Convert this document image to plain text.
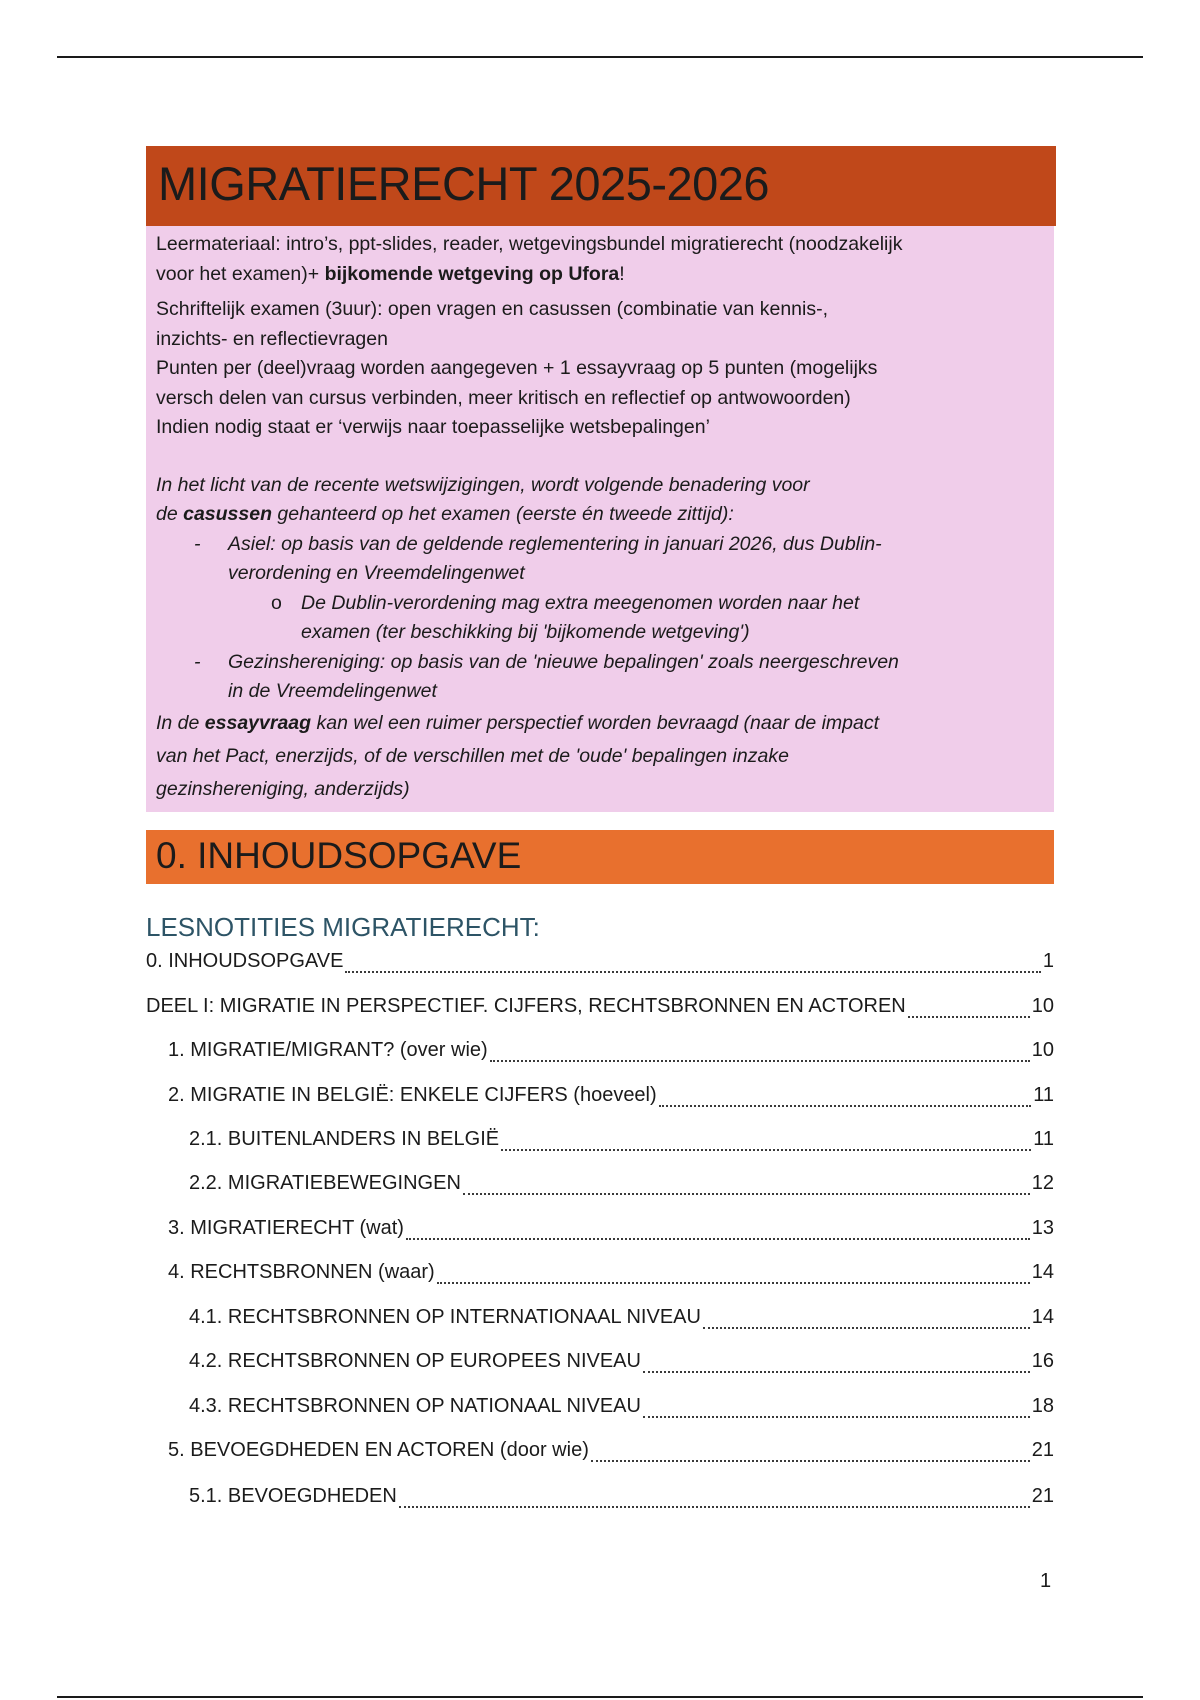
MIGRATIERECHT 2025-2026
Leermateriaal: intro’s, ppt-slides, reader, wetgevingsbundel migratierecht (noodzakelijk
voor het examen)+ bijkomende wetgeving op Ufora!
Schriftelijk examen (3uur): open vragen en casussen (combinatie van kennis-,
inzichts- en reflectievragen
Punten per (deel)vraag worden aangegeven + 1 essayvraag op 5 punten (mogelijks
versch delen van cursus verbinden, meer kritisch en reflectief op antwowoorden)
Indien nodig staat er ‘verwijs naar toepasselijke wetsbepalingen’
In het licht van de recente wetswijzigingen, wordt volgende benadering voor
de casussen gehanteerd op het examen (eerste én tweede zittijd):
- Asiel: op basis van de geldende reglementering in januari 2026, dus Dublin-
verordening en Vreemdelingenwet
o De Dublin-verordening mag extra meegenomen worden naar het
examen (ter beschikking bij 'bijkomende wetgeving')
- Gezinshereniging: op basis van de 'nieuwe bepalingen' zoals neergeschreven
in de Vreemdelingenwet
In de essayvraag kan wel een ruimer perspectief worden bevraagd (naar de impact
van het Pact, enerzijds, of de verschillen met de 'oude' bepalingen inzake
gezinshereniging, anderzijds)
0. INHOUDSOPGAVE
LESNOTITIES MIGRATIERECHT:
0. INHOUDSOPGAVE	1
DEEL I: MIGRATIE IN PERSPECTIEF. CIJFERS, RECHTSBRONNEN EN ACTOREN	10
1. MIGRATIE/MIGRANT? (over wie)	10
2. MIGRATIE IN BELGIË: ENKELE CIJFERS (hoeveel)	11
2.1. BUITENLANDERS IN BELGIË	11
2.2. MIGRATIEBEWEGINGEN	12
3. MIGRATIERECHT (wat)	13
4. RECHTSBRONNEN (waar)	14
4.1. RECHTSBRONNEN OP INTERNATIONAAL NIVEAU	14
4.2. RECHTSBRONNEN OP EUROPEES NIVEAU	16
4.3. RECHTSBRONNEN OP NATIONAAL NIVEAU	18
5. BEVOEGDHEDEN EN ACTOREN (door wie)	21
5.1. BEVOEGDHEDEN	21
1
